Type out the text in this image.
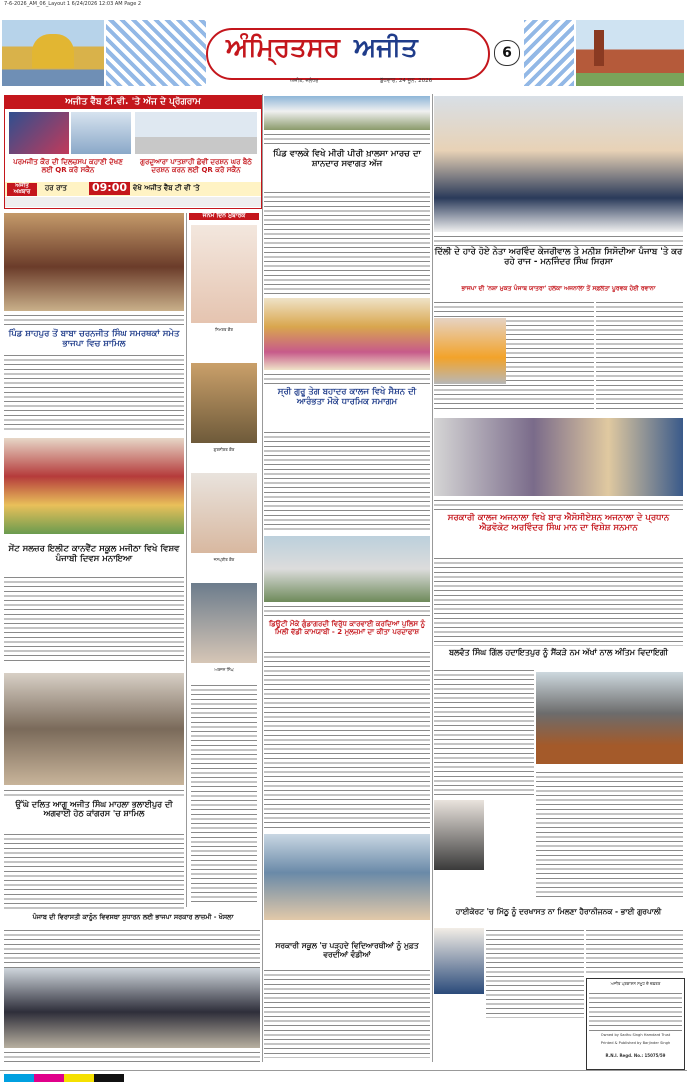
7-6-2026_AM_06_Layout 1 6/24/2026 12:03 AM Page 2
ਅੰਮ੍ਰਿਤਸਰ ਅਜੀਤ	6
ਅਜੀਤ, ਜਲੰਧਰ	ਬੁੱਧਵਾਰ, 24 ਜੂਨ, 2026
ਅਜੀਤ ਵੈੱਬ ਟੀ.ਵੀ. 'ਤੇ ਅੱਜ ਦੇ ਪ੍ਰੋਗਰਾਮ
ਪਰਮਜੀਤ ਕੌਰ ਦੀ ਦਿਲਚਸਪ ਕਹਾਣੀ ਦੇਖਣ ਲਈ QR ਕਰੋ ਸਕੈਨ
ਗੁਰਦੁਆਰਾ ਪਾਤਸ਼ਾਹੀ ਛੇਵੀਂ ਦਰਸ਼ਨ ਘਰ ਬੈਠੇ ਦਰਸ਼ਨ ਕਰਨ ਲਈ QR ਕਰੋ ਸਕੈਨ
ਅਜੀਤ ਅਖ਼ਬਾਰ
ਹਰ ਰਾਤ 09:00 ਵੇਖੋ ਅਜੀਤ ਵੈੱਬ ਟੀ ਵੀ 'ਤੇ
ਪਿੰਡ ਸ਼ਾਹਪੁਰ ਤੋਂ ਬਾਬਾ ਚਰਨਜੀਤ ਸਿੰਘ ਸਮਰਥਕਾਂ ਸਮੇਤ ਭਾਜਪਾ ਵਿਚ ਸ਼ਾਮਿਲ
ਸੇਂਟ ਸਲਜ਼ਰ ਇਲੀਟ ਕਾਨਵੈਂਟ ਸਕੂਲ ਮਜੀਠਾ ਵਿਖੇ ਵਿਸ਼ਵ ਪੰਜਾਬੀ ਦਿਵਸ ਮਨਾਇਆ
ਉੱਘੇ ਦਲਿਤ ਆਗੂ ਅਜੀਤ ਸਿੰਘ ਮਾਹਲਾ ਭਲਾਈਪੁਰ ਦੀ ਅਗਵਾਈ ਹੇਠ ਕਾਂਗਰਸ 'ਚ ਸ਼ਾਮਿਲ
ਪੰਜਾਬ ਦੀ ਵਿਰਾਸਤੀ ਕਾਨੂੰਨ ਵਿਵਸਥਾ ਸੁਧਾਰਨ ਲਈ ਭਾਜਪਾ ਸਰਕਾਰ ਲਾਜ਼ਮੀ - ਖੋਸਲਾ
ਜਨਮ ਦਿਨ ਮੁਬਾਰਕ
ਨਿਮਰਤ ਕੌਰ
ਗੁਰਸੀਰਤ ਕੌਰ
ਜਸਪ੍ਰੀਤ ਕੌਰ
ਅਰਜਨ ਸਿੰਘ
ਪਿੰਡ ਵਾਲਕੇ ਵਿਖੇ ਮੀਰੀ ਪੀਰੀ ਖ਼ਾਲਸਾ ਮਾਰਚ ਦਾ ਸ਼ਾਨਦਾਰ ਸਵਾਗਤ ਅੱਜ
ਸ੍ਰੀ ਗੁਰੂ ਤੇਗ ਬਹਾਦਰ ਕਾਲਜ ਵਿਖੇ ਸੈਸ਼ਨ ਦੀ ਆਰੰਭਤਾ ਮੌਕੇ ਧਾਰਮਿਕ ਸਮਾਗਮ
ਡਿਊਟੀ ਮੌਕੇ ਗੁੰਡਾਗਰਦੀ ਵਿਰੁੱਧ ਕਾਰਵਾਈ ਕਰਦਿਆਂ ਪੁਲਿਸ ਨੂੰ ਮਿਲੀ ਵੱਡੀ ਕਾਮਯਾਬੀ - 2 ਮੁਲਜ਼ਮਾਂ ਦਾ ਕੀਤਾ ਪਰਦਾਫਾਸ਼
ਸਰਕਾਰੀ ਸਕੂਲ 'ਚ ਪੜ੍ਹਦੇ ਵਿਦਿਆਰਥੀਆਂ ਨੂੰ ਮੁਫ਼ਤ ਵਰਦੀਆਂ ਵੰਡੀਆਂ
ਦਿੱਲੀ ਦੇ ਹਾਰੇ ਹੋਏ ਨੇਤਾ ਅਰਵਿੰਦ ਕੇਜਰੀਵਾਲ ਤੇ ਮਨੀਸ਼ ਸਿਸੋਦੀਆ ਪੰਜਾਬ 'ਤੇ ਕਰ ਰਹੇ ਰਾਜ - ਮਨਜਿੰਦਰ ਸਿੰਘ ਸਿਰਸਾ
ਭਾਜਪਾ ਦੀ 'ਨਸ਼ਾ ਮੁਕਤ ਪੰਜਾਬ ਯਾਤਰਾ' ਹਲਕਾ ਅਜਨਾਲਾ ਤੋਂ ਸਫ਼ਲਤਾ ਪੂਰਵਕ ਹੋਈ ਰਵਾਨਾ
ਸਰਕਾਰੀ ਕਾਲਜ ਅਜਨਾਲਾ ਵਿਖੇ ਬਾਰ ਐਸੋਸੀਏਸ਼ਨ ਅਜਨਾਲਾ ਦੇ ਪ੍ਰਧਾਨ ਐਡਵੋਕੇਟ ਅਰਵਿੰਦਰ ਸਿੰਘ ਮਾਨ ਦਾ ਵਿਸ਼ੇਸ਼ ਸਨਮਾਨ
ਬਲਵੰਤ ਸਿੰਘ ਗਿੱਲ ਹਦਾਇਤਪੁਰ ਨੂੰ ਸੈਂਕੜੇ ਨਮ ਅੱਖਾਂ ਨਾਲ ਅੰਤਿਮ ਵਿਦਾਇਗੀ
ਹਾਈਕੋਰਟ 'ਚ ਮਿੱਠੂ ਨੂੰ ਦਰਖਾਸਤ ਨਾ ਮਿਲਣਾ ਹੈਰਾਨੀਜਨਕ - ਭਾਈ ਗੁਰਪਾਲੀ
ਅਜੀਤ ਪ੍ਰਕਾਸ਼ਨ ਸਮੂਹ ਦੇ ਦਫ਼ਤਰ
Owned by Sadhu Singh Hamdard Trust
Printed & Published by Barjinder Singh
R.N.I. Regd. No.: 15075/59
